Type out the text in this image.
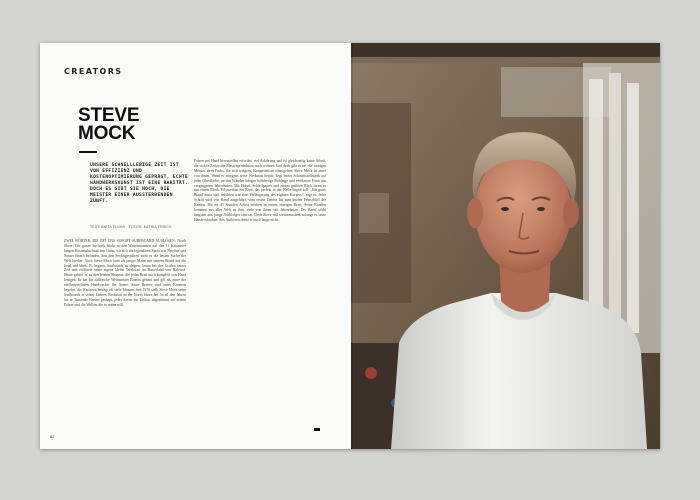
CREATORS
STEVE
MOCK
UNSERE SCHNELLLEBIGE ZEIT IST VON EFFIZIENZ UND KOSTENOPTIMIERUNG GEPRÄGT, ECHTE HANDWERKSKUNST IST EINE RARITÄT. DOCH ES GIBT SIE NOCH, DIE MEISTER EINER AUSSTERBENDEN ZUNFT.
TEXT: ANITA FLÜHR · FOTOS: KATHIA FRISCH
ZWEI WÖRTER, DIE BEI UNS SOFORT SURFBOARD AUSLÖSEN: North Shore. Die ganze Surfwelt blickt in den Wintermonaten auf den 11 Kilometer langen Küstenabschnitt von Oahu, wo sich die legendären Spots wie Pipeline und Sunset Beach befinden. Seit den Sechzigerjahren zieht es die besten Surfer der Welt hierher. Auch Steve Mock kam als junger Mann mit seinem Board auf die Insel und blieb. Er begann, Surfboards zu shapen, lernte bei den Großen seiner Zeit und eröffnete seine eigene kleine Werkstatt im Hinterland von Haleiwa. Heute gehört er zu den letzten Shapern, die jedes Brett noch komplett von Hand fertigen. Er hat für zahlreiche Weltmeister Boards gebaut und gilt als einer der einflussreichsten Handwerker der Szene. Seine Bretter sind unter Kennern begehrt, die Wartezeit beträgt oft viele Monate. Seit 1970 stellt Steve Mock seine Surfboards in seiner kleinen Werkstatt an der North Shore her. In all den Jahren hat er Tausende Bretter geshapt, jedes davon ein Unikat, abgestimmt auf seinen Fahrer und die Wellen, die er reiten will.
Fräsen per Hand herzustellen erfordert viel Erfahrung und ist gleichzeitig keine Arbeit, die sich in Zeiten der Massenproduktion noch rechnet. Und doch gibt es sie, die wenigen Meister ihres Fachs, die sich weigern, Kompromisse einzugehen. Steve Mock ist einer von ihnen. Wenn er morgens seine Werkstatt betritt, liegt feiner Schaumstoffstaub auf jeder Oberfläche, an den Wänden hängen halbfertige Rohlinge und verblasste Fotos aus vergangenen Jahrzehnten. Mit Hobel, Schleifpapier und einem geübten Blick formt er aus einem Block Polyurethan ein Brett, das perfekt in der Welle liegen soll. „Ein gutes Board muss sich anfühlen wie eine Verlängerung des eigenen Körpers“, sagt er. Jeder Schritt wird von Hand ausgeführt, vom ersten Umriss bis zum letzten Feinschliff der Kanten. Bis zu 40 Stunden Arbeit stecken in einem einzigen Brett. Seine Kunden kommen aus aller Welt zu ihm, viele von ihnen seit Jahrzehnten. Der Beruf stirbt langsam aus, junge Nachfolger sind rar. Doch Steve will weitermachen, solange es seine Hände erlauben. Ans Aufhören denkt er noch lange nicht.
82
